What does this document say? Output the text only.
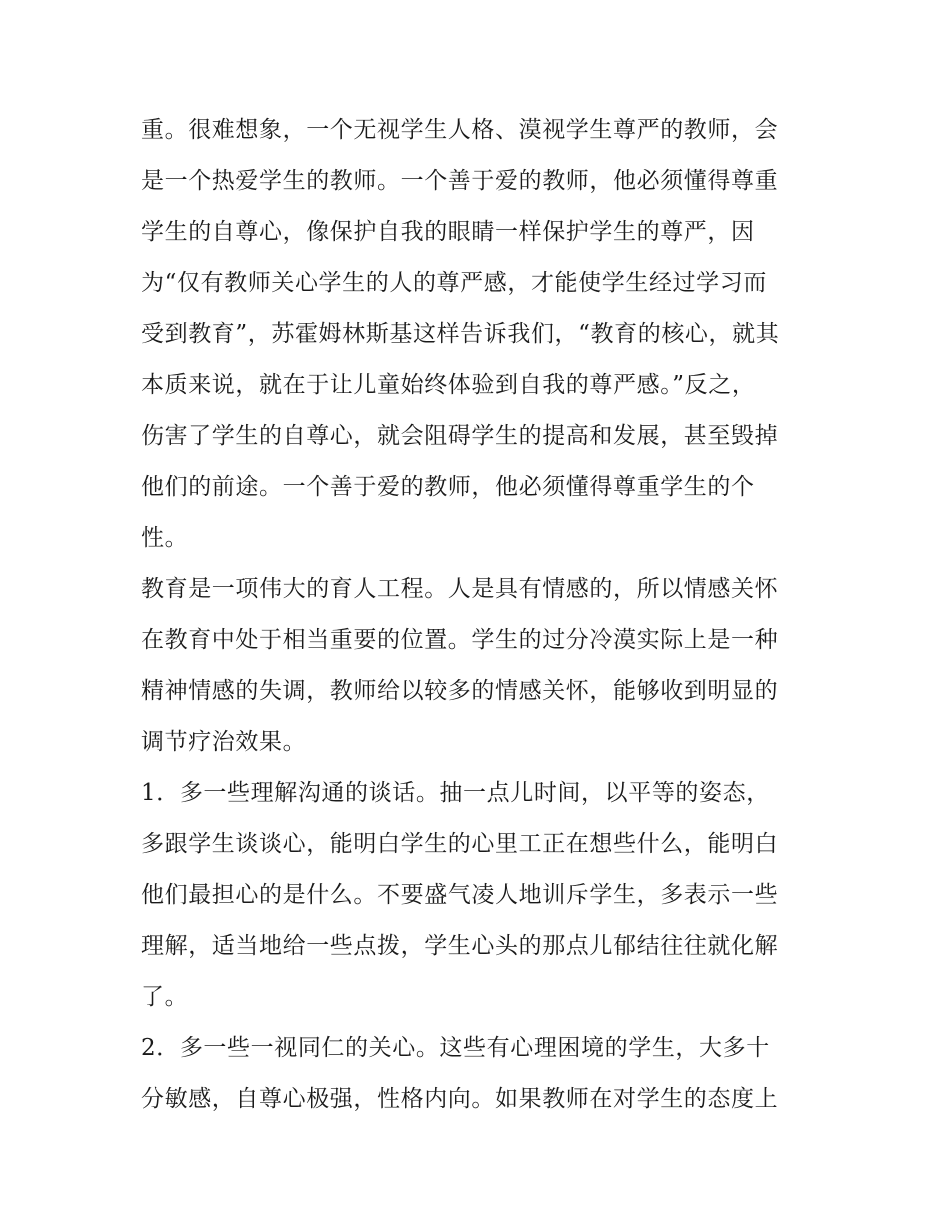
重。很难想象，一个无视学生人格、漠视学生尊严的教师，会
是一个热爱学生的教师。一个善于爱的教师，他必须懂得尊重
学生的自尊心，像保护自我的眼睛一样保护学生的尊严，因
为“仅有教师关心学生的人的尊严感，才能使学生经过学习而
受到教育”，苏霍姆林斯基这样告诉我们，“教育的核心，就其
本质来说，就在于让儿童始终体验到自我的尊严感。”反之，
伤害了学生的自尊心，就会阻碍学生的提高和发展，甚至毁掉
他们的前途。一个善于爱的教师，他必须懂得尊重学生的个
性。
教育是一项伟大的育人工程。人是具有情感的，所以情感关怀
在教育中处于相当重要的位置。学生的过分冷漠实际上是一种
精神情感的失调，教师给以较多的情感关怀，能够收到明显的
调节疗治效果。
1．多一些理解沟通的谈话。抽一点儿时间，以平等的姿态，
多跟学生谈谈心，能明白学生的心里工正在想些什么，能明白
他们最担心的是什么。不要盛气凌人地训斥学生，多表示一些
理解，适当地给一些点拨，学生心头的那点儿郁结往往就化解
了。
2．多一些一视同仁的关心。这些有心理困境的学生，大多十
分敏感，自尊心极强，性格内向。如果教师在对学生的态度上
